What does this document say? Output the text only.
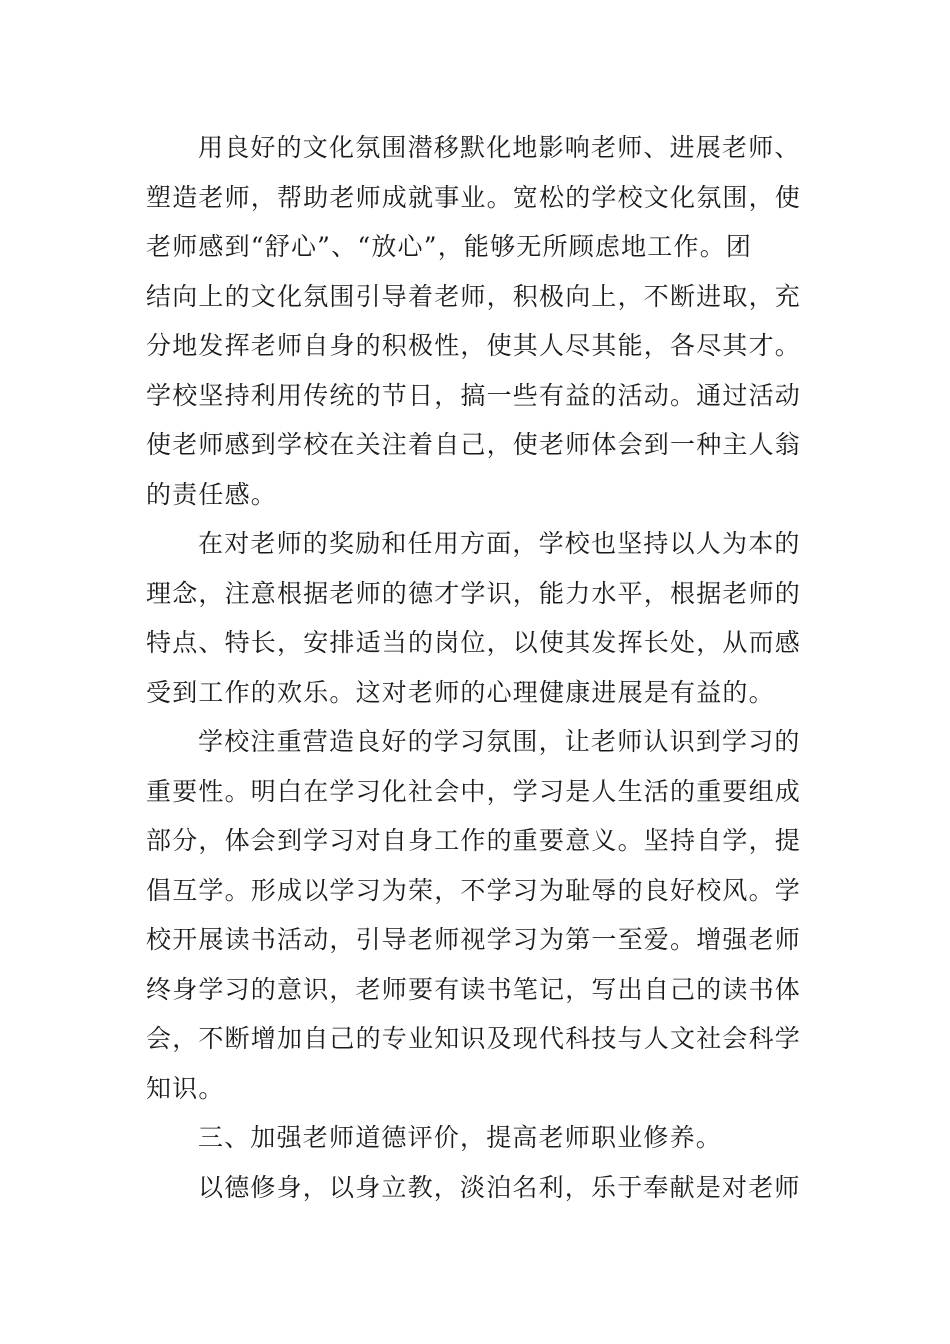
用良好的文化氛围潜移默化地影响老师、进展老师、
塑造老师，帮助老师成就事业。宽松的学校文化氛围，使
老师感到“舒心”、“放心”，能够无所顾虑地工作。团
结向上的文化氛围引导着老师，积极向上，不断进取，充
分地发挥老师自身的积极性，使其人尽其能，各尽其才。
学校坚持利用传统的节日，搞一些有益的活动。通过活动
使老师感到学校在关注着自己，使老师体会到一种主人翁
的责任感。
在对老师的奖励和任用方面，学校也坚持以人为本的
理念，注意根据老师的德才学识，能力水平，根据老师的
特点、特长，安排适当的岗位，以使其发挥长处，从而感
受到工作的欢乐。这对老师的心理健康进展是有益的。
学校注重营造良好的学习氛围，让老师认识到学习的
重要性。明白在学习化社会中，学习是人生活的重要组成
部分，体会到学习对自身工作的重要意义。坚持自学，提
倡互学。形成以学习为荣，不学习为耻辱的良好校风。学
校开展读书活动，引导老师视学习为第一至爱。增强老师
终身学习的意识，老师要有读书笔记，写出自己的读书体
会，不断增加自己的专业知识及现代科技与人文社会科学
知识。
三、加强老师道德评价，提高老师职业修养。
以德修身，以身立教，淡泊名利，乐于奉献是对老师
